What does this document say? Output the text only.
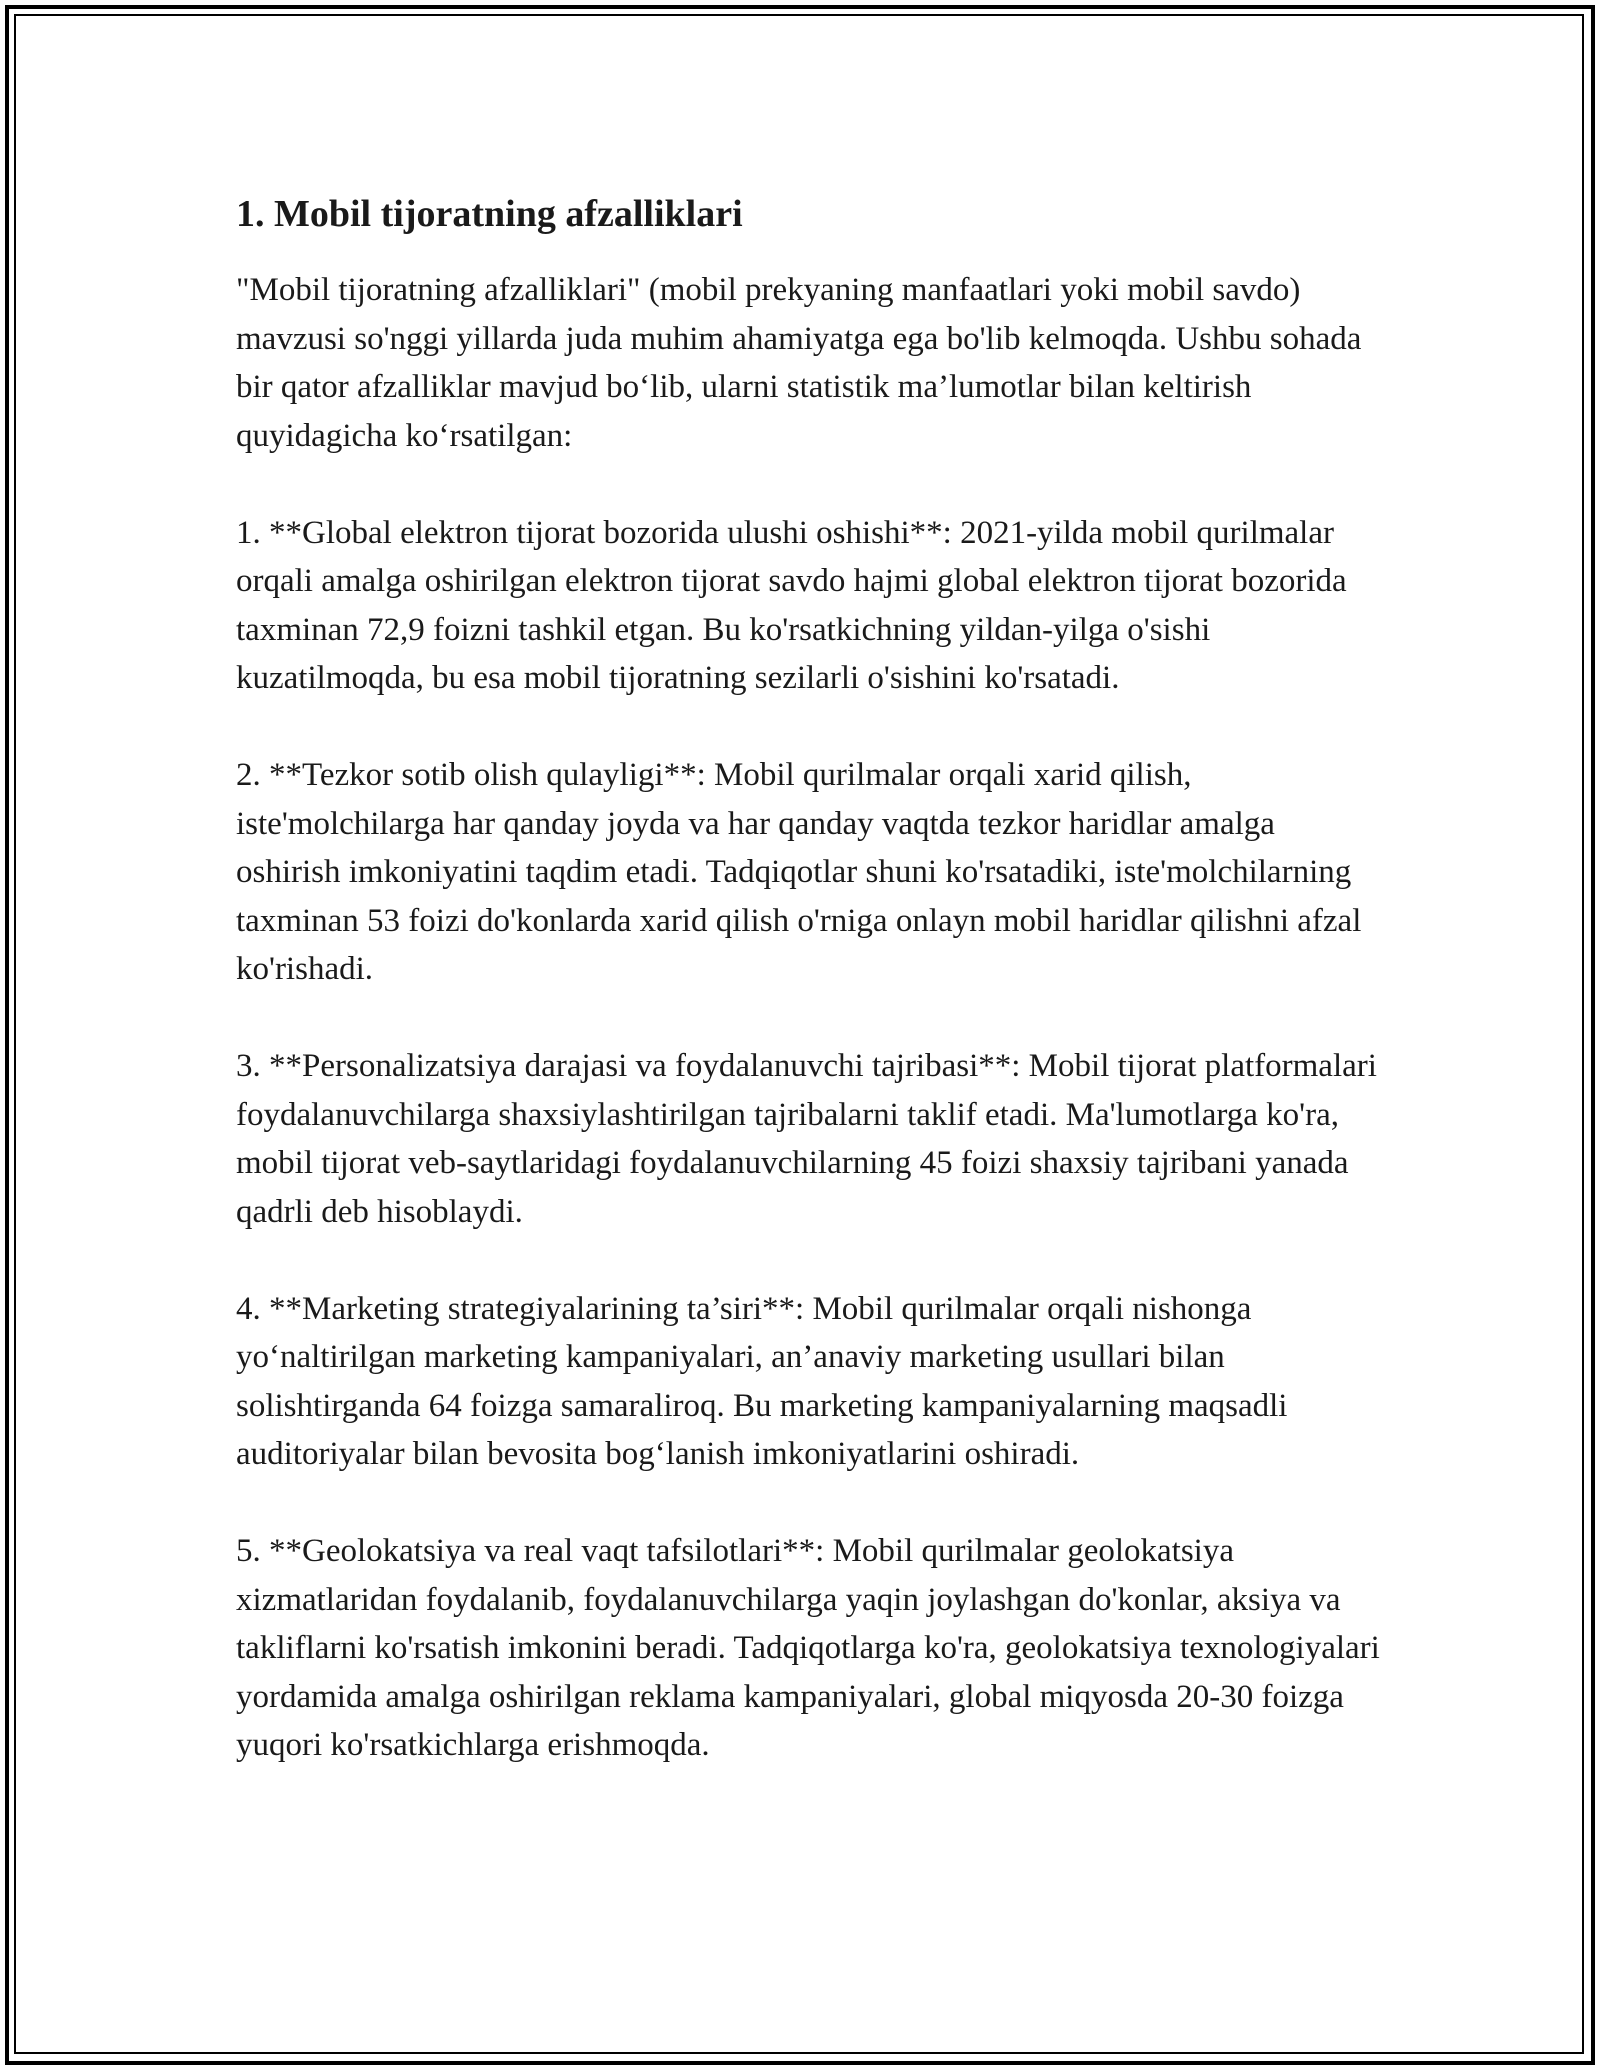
1. Mobil tijoratning afzalliklari

"Mobil tijoratning afzalliklari" (mobil prekyaning manfaatlari yoki mobil savdo) mavzusi so'nggi yillarda juda muhim ahamiyatga ega bo'lib kelmoqda. Ushbu sohada bir qator afzalliklar mavjud bo‘lib, ularni statistik ma’lumotlar bilan keltirish quyidagicha ko‘rsatilgan:

1. **Global elektron tijorat bozorida ulushi oshishi**: 2021-yilda mobil qurilmalar orqali amalga oshirilgan elektron tijorat savdo hajmi global elektron tijorat bozorida taxminan 72,9 foizni tashkil etgan. Bu ko'rsatkichning yildan-yilga o'sishi kuzatilmoqda, bu esa mobil tijoratning sezilarli o'sishini ko'rsatadi.

2. **Tezkor sotib olish qulayligi**: Mobil qurilmalar orqali xarid qilish, iste'molchilarga har qanday joyda va har qanday vaqtda tezkor haridlar amalga oshirish imkoniyatini taqdim etadi. Tadqiqotlar shuni ko'rsatadiki, iste'molchilarning taxminan 53 foizi do'konlarda xarid qilish o'rniga onlayn mobil haridlar qilishni afzal ko'rishadi.

3. **Personalizatsiya darajasi va foydalanuvchi tajribasi**: Mobil tijorat platformalari foydalanuvchilarga shaxsiylashtirilgan tajribalarni taklif etadi. Ma'lumotlarga ko'ra, mobil tijorat veb-saytlaridagi foydalanuvchilarning 45 foizi shaxsiy tajribani yanada qadrli deb hisoblaydi.

4. **Marketing strategiyalarining ta’siri**: Mobil qurilmalar orqali nishonga yo‘naltirilgan marketing kampaniyalari, an’anaviy marketing usullari bilan solishtirganda 64 foizga samaraliroq. Bu marketing kampaniyalarning maqsadli auditoriyalar bilan bevosita bog‘lanish imkoniyatlarini oshiradi.

5. **Geolokatsiya va real vaqt tafsilotlari**: Mobil qurilmalar geolokatsiya xizmatlaridan foydalanib, foydalanuvchilarga yaqin joylashgan do'konlar, aksiya va takliflarni ko'rsatish imkonini beradi. Tadqiqotlarga ko'ra, geolokatsiya texnologiyalari yordamida amalga oshirilgan reklama kampaniyalari, global miqyosda 20-30 foizga yuqori ko'rsatkichlarga erishmoqda.
